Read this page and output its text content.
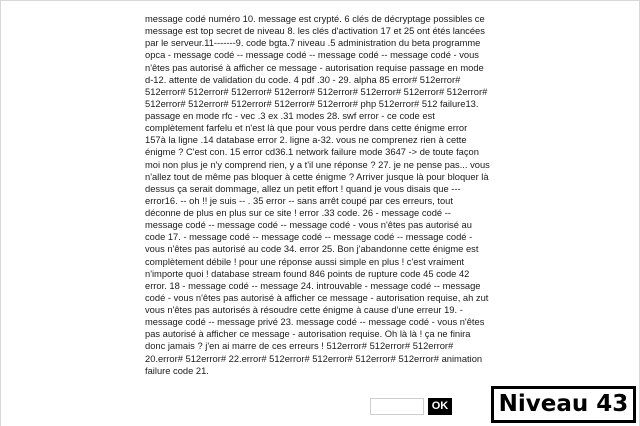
message codé numéro 10. message est crypté. 6 clés de décryptage possibles ce message est top secret de niveau 8. les clés d'activation 17 et 25 ont étés lancées par le serveur.11-------9. code bgta.7 niveau .5 administration du beta programme opca - message codé -- message codé -- message codé -- message codé - vous n'êtes pas autorisé à afficher ce message - autorisation requise passage en mode d-12. attente de validation du code. 4 pdf .30 - 29. alpha 85 error# 512error# 512error# 512error# 512error# 512error# 512error# 512error# 512error# 512error# 512error# 512error# 512error# 512error# 512error# php 512error# 512 failure13. passage en mode rfc - vec .3 ex .31 modes 28. swf error - ce code est complètement farfelu et n'est là que pour vous perdre dans cette énigme error 157à la ligne .14 database error 2. ligne a-32. vous ne comprenez rien à cette énigme ? C'est con. 15 error cd36.1 network failure mode 3647 -> de toute façon moi non plus je n'y comprend rien, y a t'il une réponse ? 27. je ne pense pas... vous n'allez tout de même pas bloquer à cette énigme ? Arriver jusque là pour bloquer là dessus ça serait dommage, allez un petit effort ! quand je vous disais que --- error16. -- oh !! je suis -- . 35 error -- sans arrêt coupé par ces erreurs, tout déconne de plus en plus sur ce site ! error .33 code. 26 - message codé -- message codé -- message codé -- message codé - vous n'êtes pas autorisé au code 17. - message codé -- message codé -- message codé -- message codé - vous n'êtes pas autorisé au code 34. error 25. Bon j'abandonne cette énigme est complètement débile ! pour une réponse aussi simple en plus ! c'est vraiment n'importe quoi ! database stream found 846 points de rupture code 45 code 42 error. 18 - message codé -- message 24. introuvable - message codé -- message codé - vous n'êtes pas autorisé à afficher ce message - autorisation requise, ah zut vous n'êtes pas autorisés à résoudre cette énigme à cause d'une erreur 19. - message codé -- message privé 23. message codé -- message codé - vous n'êtes pas autorisé à afficher ce message - autorisation requise. Oh là là ! ça ne finira donc jamais ? j'en ai marre de ces erreurs ! 512error# 512error# 512error# 20.error# 512error# 22.error# 512error# 512error# 512error# 512error# animation failure code 21.
OK	Niveau 43
